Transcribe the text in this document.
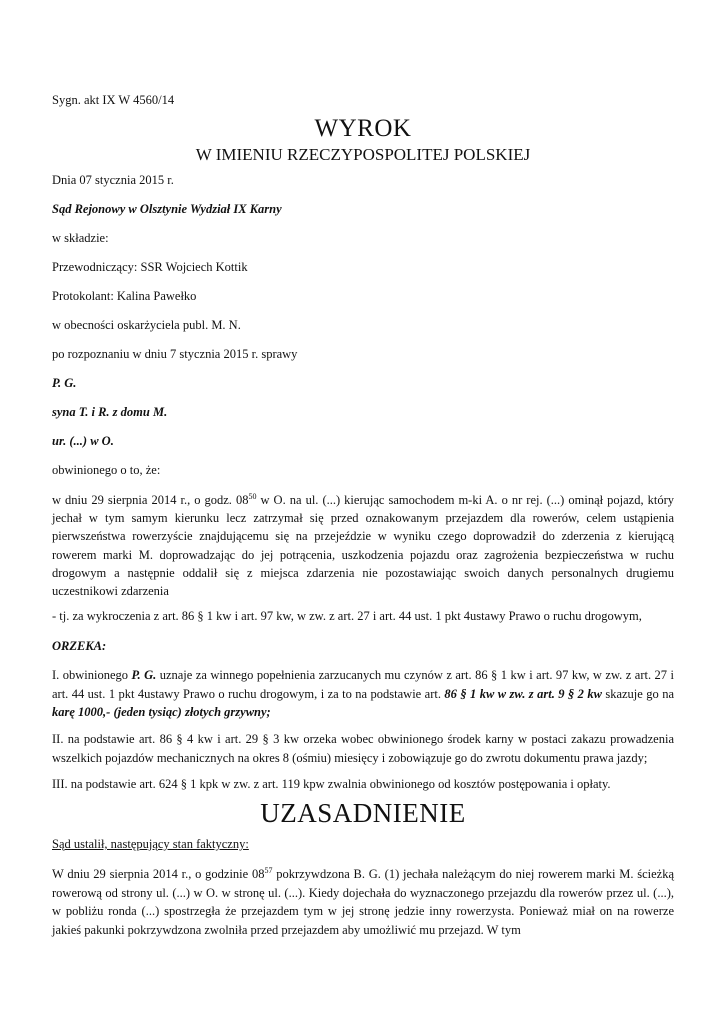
Sygn. akt IX W 4560/14

WYROK
W IMIENIU RZECZYPOSPOLITEJ POLSKIEJ

Dnia 07 stycznia 2015 r.

Sąd Rejonowy w Olsztynie Wydział IX Karny

w składzie:

Przewodniczący: SSR Wojciech Kottik

Protokolant: Kalina Pawełko

w obecności oskarżyciela publ. M. N.

po rozpoznaniu w dniu 7 stycznia 2015 r. sprawy

P. G.

syna T. i R. z domu M.

ur. (...) w O.

obwinionego o to, że:

w dniu 29 sierpnia 2014 r., o godz. $08^{50}$ w O. na ul. (...) kierując samochodem m-ki A. o nr rej. (...) ominął pojazd, który jechał w tym samym kierunku lecz zatrzymał się przed oznakowanym przejazdem dla rowerów, celem ustąpienia pierwszeństwa rowerzyście znajdującemu się na przejeździe w wyniku czego doprowadził do zderzenia z kierującą rowerem marki M. doprowadzając do jej potrącenia, uszkodzenia pojazdu oraz zagrożenia bezpieczeństwa w ruchu drogowym a następnie oddalił się z miejsca zdarzenia nie pozostawiając swoich danych personalnych drugiemu uczestnikowi zdarzenia

- tj. za wykroczenia z art. 86 § 1 kw i art. 97 kw, w zw. z art. 27 i art. 44 ust. 1 pkt 4ustawy Prawo o ruchu drogowym,

ORZEKA:

I. obwinionego P. G. uznaje za winnego popełnienia zarzucanych mu czynów z art. 86 § 1 kw i art. 97 kw, w zw. z art. 27 i art. 44 ust. 1 pkt 4ustawy Prawo o ruchu drogowym, i za to na podstawie art. 86 § 1 kw w zw. z art. 9 § 2 kw skazuje go na karę 1000,- (jeden tysiąc) złotych grzywny;

II. na podstawie art. 86 § 4 kw i art. 29 § 3 kw orzeka wobec obwinionego środek karny w postaci zakazu prowadzenia wszelkich pojazdów mechanicznych na okres 8 (ośmiu) miesięcy i zobowiązuje go do zwrotu dokumentu prawa jazdy;

III. na podstawie art. 624 § 1 kpk w zw. z art. 119 kpw zwalnia obwinionego od kosztów postępowania i opłaty.

UZASADNIENIE

Sąd ustalił, następujący stan faktyczny:

W dniu 29 sierpnia 2014 r., o godzinie $08^{57}$ pokrzywdzona B. G. (1) jechała należącym do niej rowerem marki M. ścieżką rowerową od strony ul. (...) w O. w stronę ul. (...). Kiedy dojechała do wyznaczonego przejazdu dla rowerów przez ul. (...), w pobliżu ronda (...) spostrzegła że przejazdem tym w jej stronę jedzie inny rowerzysta. Ponieważ miał on na rowerze jakieś pakunki pokrzywdzona zwolniła przed przejazdem aby umożliwić mu przejazd. W tym
